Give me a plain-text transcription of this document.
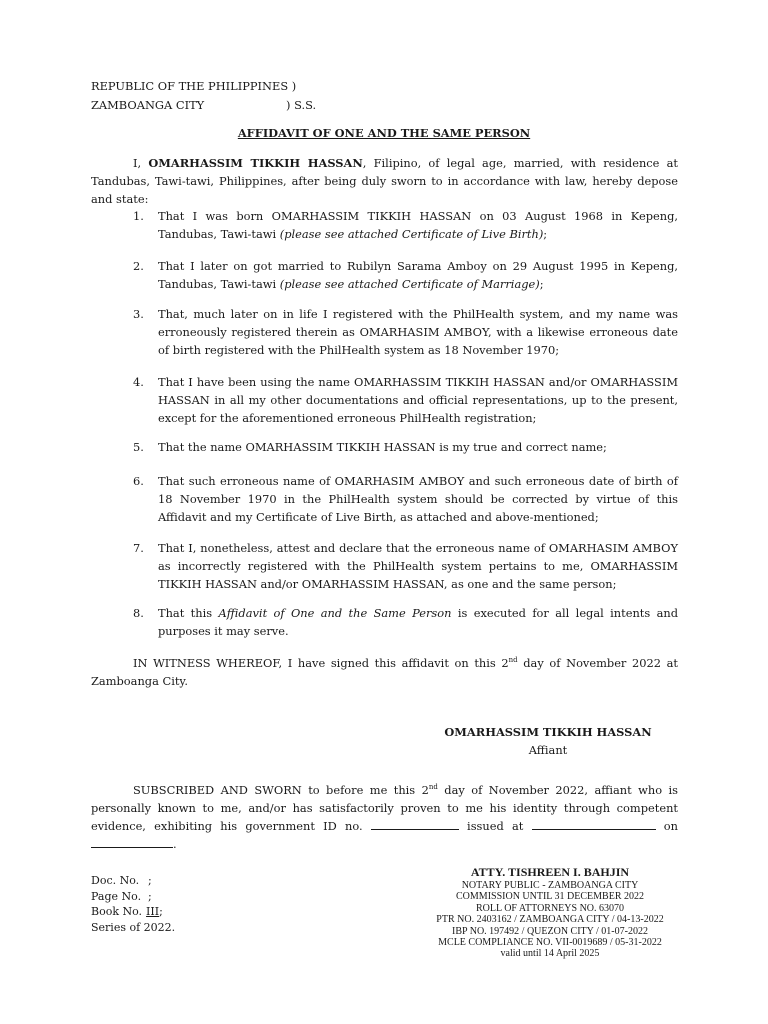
REPUBLIC OF THE PHILIPPINES )
ZAMBOANGA CITY	) S.S.
AFFIDAVIT OF ONE AND THE SAME PERSON
I, OMARHASSIM TIKKIH HASSAN, Filipino, of legal age, married, with residence at Tandubas, Tawi-tawi, Philippines, after being duly sworn to in accordance with law, hereby depose and state:
1. That I was born OMARHASSIM TIKKIH HASSAN on 03 August 1968 in Kepeng, Tandubas, Tawi-tawi (please see attached Certificate of Live Birth);
2. That I later on got married to Rubilyn Sarama Amboy on 29 August 1995 in Kepeng, Tandubas, Tawi-tawi (please see attached Certificate of Marriage);
3. That, much later on in life I registered with the PhilHealth system, and my name was erroneously registered therein as OMARHASIM AMBOY, with a likewise erroneous date of birth registered with the PhilHealth system as 18 November 1970;
4. That I have been using the name OMARHASSIM TIKKIH HASSAN and/or OMARHASSIM HASSAN in all my other documentations and official representations, up to the present, except for the aforementioned erroneous PhilHealth registration;
5. That the name OMARHASSIM TIKKIH HASSAN is my true and correct name;
6. That such erroneous name of OMARHASIM AMBOY and such erroneous date of birth of 18 November 1970 in the PhilHealth system should be corrected by virtue of this Affidavit and my Certificate of Live Birth, as attached and above-mentioned;
7. That I, nonetheless, attest and declare that the erroneous name of OMARHASIM AMBOY as incorrectly registered with the PhilHealth system pertains to me, OMARHASSIM TIKKIH HASSAN and/or OMARHASSIM HASSAN, as one and the same person;
8. That this Affidavit of One and the Same Person is executed for all legal intents and purposes it may serve.
IN WITNESS WHEREOF, I have signed this affidavit on this 2nd day of November 2022 at Zamboanga City.
OMARHASSIM TIKKIH HASSAN
Affiant
SUBSCRIBED AND SWORN to before me this 2nd day of November 2022, affiant who is personally known to me, and/or has satisfactorily proven to me his identity through competent evidence, exhibiting his government ID no.	issued at	on .
Doc. No. ;
Page No. ;
Book No. III;
Series of 2022.
ATTY. TISHREEN I. BAHJIN
NOTARY PUBLIC - ZAMBOANGA CITY
COMMISSION UNTIL 31 DECEMBER 2022
ROLL OF ATTORNEYS NO. 63070
PTR NO. 2403162 / ZAMBOANGA CITY / 04-13-2022
IBP NO. 197492 / QUEZON CITY / 01-07-2022
MCLE COMPLIANCE NO. VII-0019689 / 05-31-2022
valid until 14 April 2025
